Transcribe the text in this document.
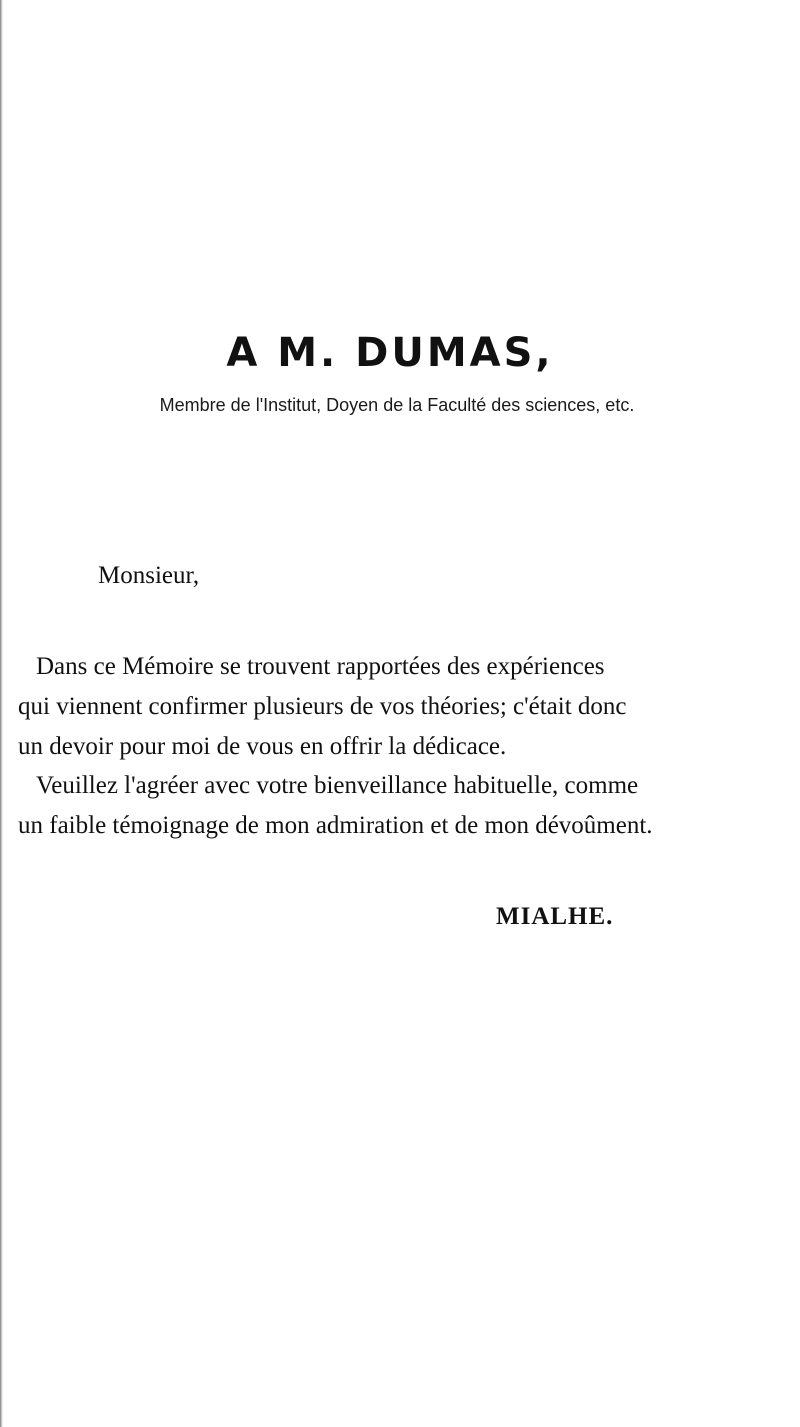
A M. DUMAS,
Membre de l'Institut, Doyen de la Faculté des sciences, etc.
Monsieur,

Dans ce Mémoire se trouvent rapportées des expériences
qui viennent confirmer plusieurs de vos théories; c'était donc
un devoir pour moi de vous en offrir la dédicace.

Veuillez l'agréer avec votre bienveillance habituelle, comme
un faible témoignage de mon admiration et de mon dévoûment.

MIALHE.
